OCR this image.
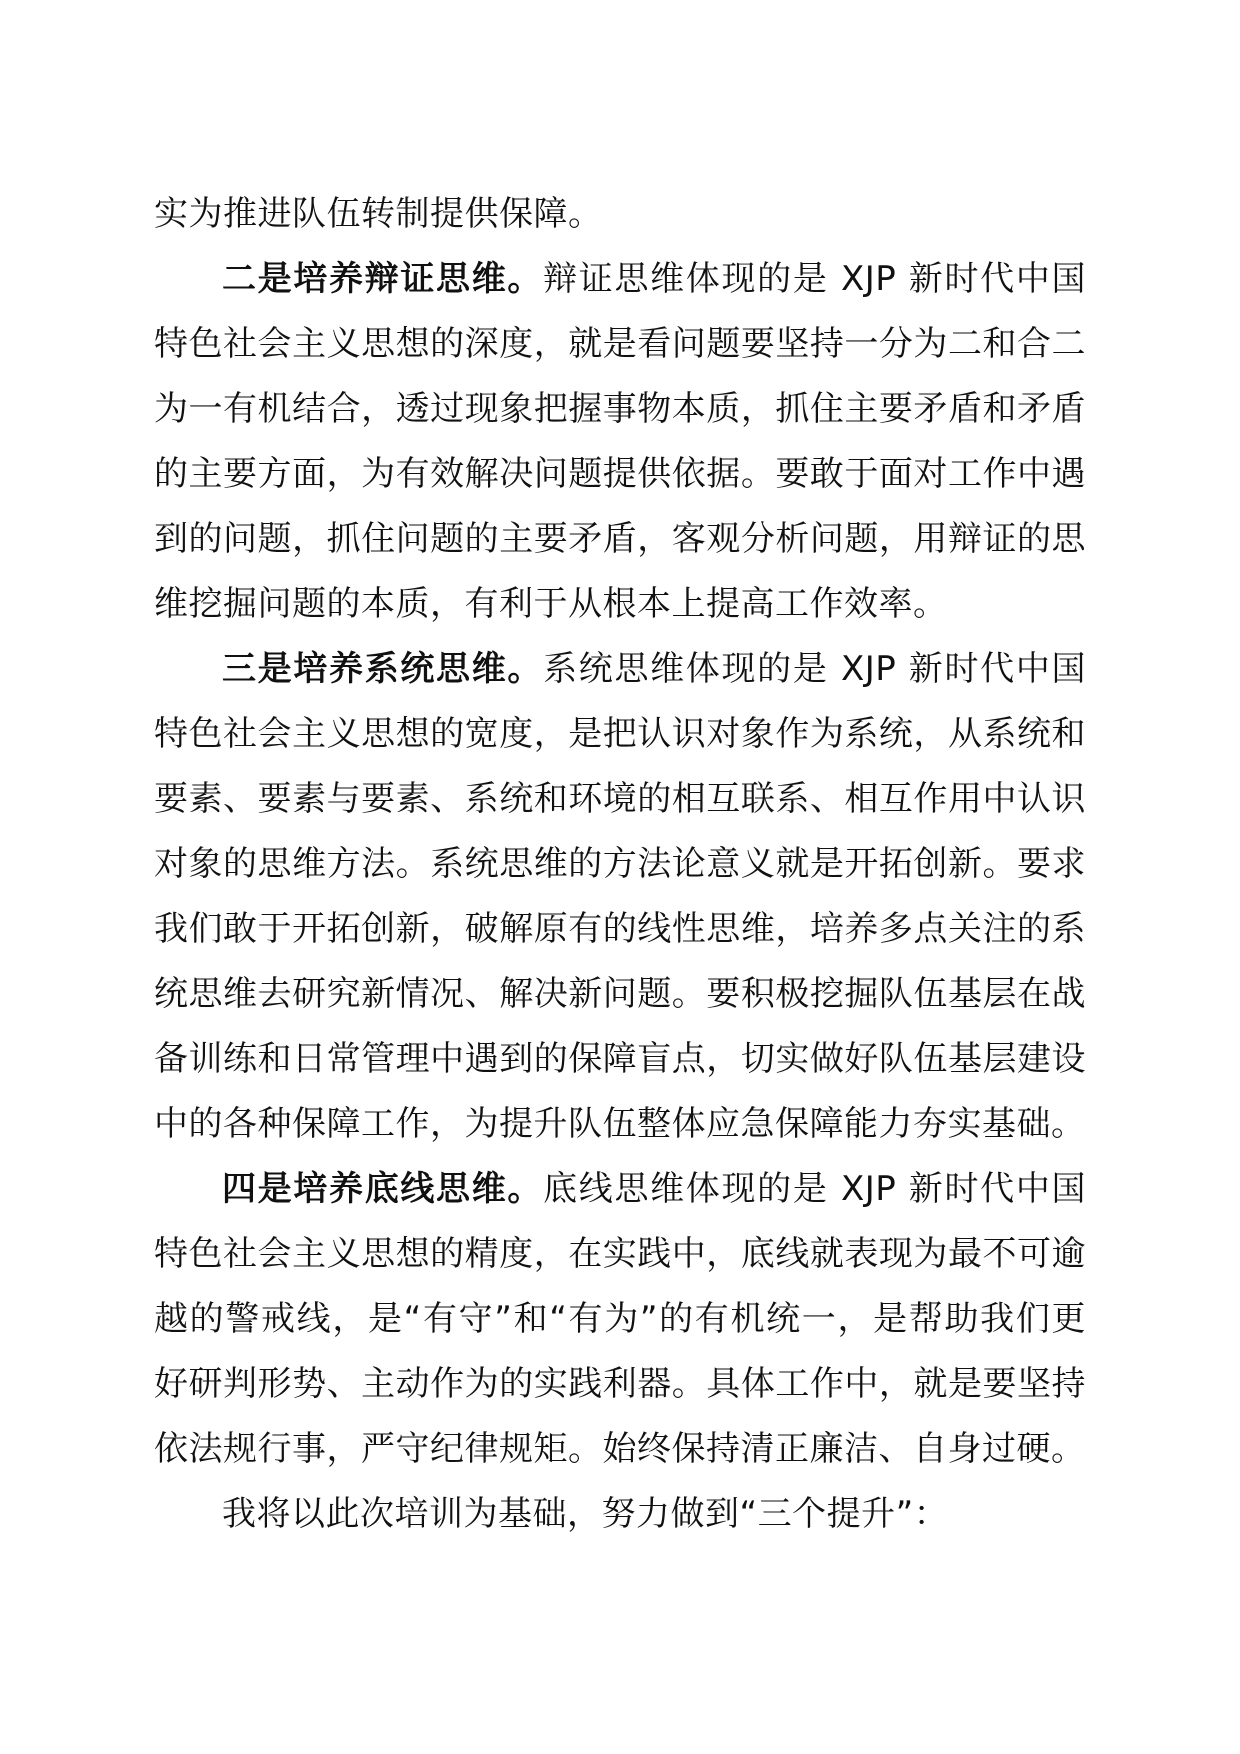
实为推进队伍转制提供保障。

二是培养辩证思维。辩证思维体现的是 XJP 新时代中国特色社会主义思想的深度，就是看问题要坚持一分为二和合二为一有机结合，透过现象把握事物本质，抓住主要矛盾和矛盾的主要方面，为有效解决问题提供依据。要敢于面对工作中遇到的问题，抓住问题的主要矛盾，客观分析问题，用辩证的思维挖掘问题的本质，有利于从根本上提高工作效率。

三是培养系统思维。系统思维体现的是 XJP 新时代中国特色社会主义思想的宽度，是把认识对象作为系统，从系统和要素、要素与要素、系统和环境的相互联系、相互作用中认识对象的思维方法。系统思维的方法论意义就是开拓创新。要求我们敢于开拓创新，破解原有的线性思维，培养多点关注的系统思维去研究新情况、解决新问题。要积极挖掘队伍基层在战备训练和日常管理中遇到的保障盲点，切实做好队伍基层建设中的各种保障工作，为提升队伍整体应急保障能力夯实基础。

四是培养底线思维。底线思维体现的是 XJP 新时代中国特色社会主义思想的精度，在实践中，底线就表现为最不可逾越的警戒线，是“有守”和“有为”的有机统一，是帮助我们更好研判形势、主动作为的实践利器。具体工作中，就是要坚持依法规行事，严守纪律规矩。始终保持清正廉洁、自身过硬。

我将以此次培训为基础，努力做到“三个提升”：
